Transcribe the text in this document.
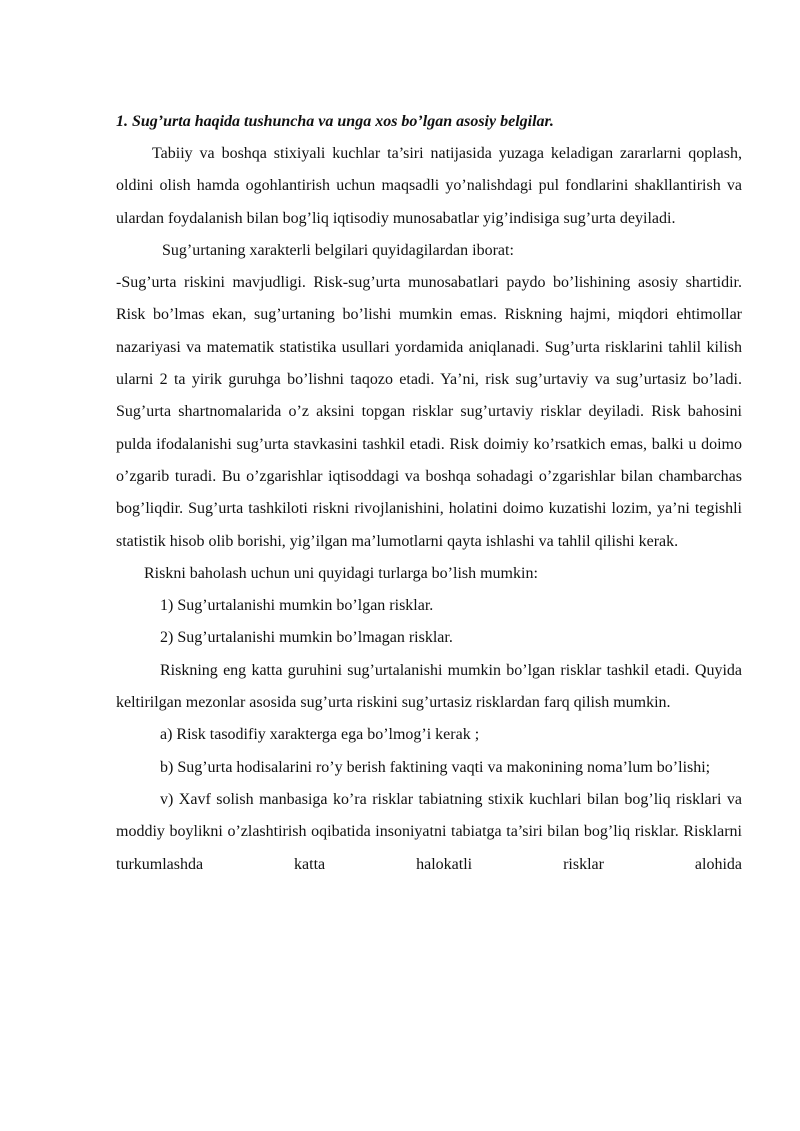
1. Sug’urta haqida tushuncha va unga xos bo’lgan asosiy belgilar.

Tabiiy va boshqa stixiyali kuchlar ta’siri natijasida yuzaga keladigan zararlarni qoplash, oldini olish hamda ogohlantirish uchun maqsadli yo’nalishdagi pul fondlarini shakllantirish va ulardan foydalanish bilan bog’liq iqtisodiy munosabatlar yig’indisiga sug’urta deyiladi.

Sug’urtaning xarakterli belgilari quyidagilardan iborat:

-Sug’urta riskini mavjudligi. Risk-sug’urta munosabatlari paydo bo’lishining asosiy shartidir. Risk bo’lmas ekan, sug’urtaning bo’lishi mumkin emas. Riskning hajmi, miqdori ehtimollar nazariyasi va matematik statistika usullari yordamida aniqlanadi. Sug’urta risklarini tahlil kilish ularni 2 ta yirik guruhga bo’lishni taqozo etadi. Ya’ni, risk sug’urtaviy va sug’urtasiz bo’ladi. Sug’urta shartnomalarida o’z aksini topgan risklar sug’urtaviy risklar deyiladi. Risk bahosini pulda ifodalanishi sug’urta stavkasini tashkil etadi. Risk doimiy ko’rsatkich emas, balki u doimo o’zgarib turadi. Bu o’zgarishlar iqtisoddagi va boshqa sohadagi o’zgarishlar bilan chambarchas bog’liqdir. Sug’urta tashkiloti riskni rivojlanishini, holatini doimo kuzatishi lozim, ya’ni tegishli statistik hisob olib borishi, yig’ilgan ma’lumotlarni qayta ishlashi va tahlil qilishi kerak.

Riskni baholash uchun uni quyidagi turlarga bo’lish mumkin:

1) Sug’urtalanishi mumkin bo’lgan risklar.

2) Sug’urtalanishi mumkin bo’lmagan risklar.

Riskning eng katta guruhini sug’urtalanishi mumkin bo’lgan risklar tashkil etadi. Quyida keltirilgan mezonlar asosida sug’urta riskini sug’urtasiz risklardan farq qilish mumkin.

a) Risk tasodifiy xarakterga ega bo’lmog’i kerak ;

b) Sug’urta hodisalarini ro’y berish faktining vaqti va makonining noma’lum bo’lishi;

v) Xavf solish manbasiga ko’ra risklar tabiatning stixik kuchlari bilan bog’liq risklari va moddiy boylikni o’zlashtirish oqibatida insoniyatni tabiatga ta’siri bilan bog’liq risklar. Risklarni turkumlashda katta halokatli risklar alohida
